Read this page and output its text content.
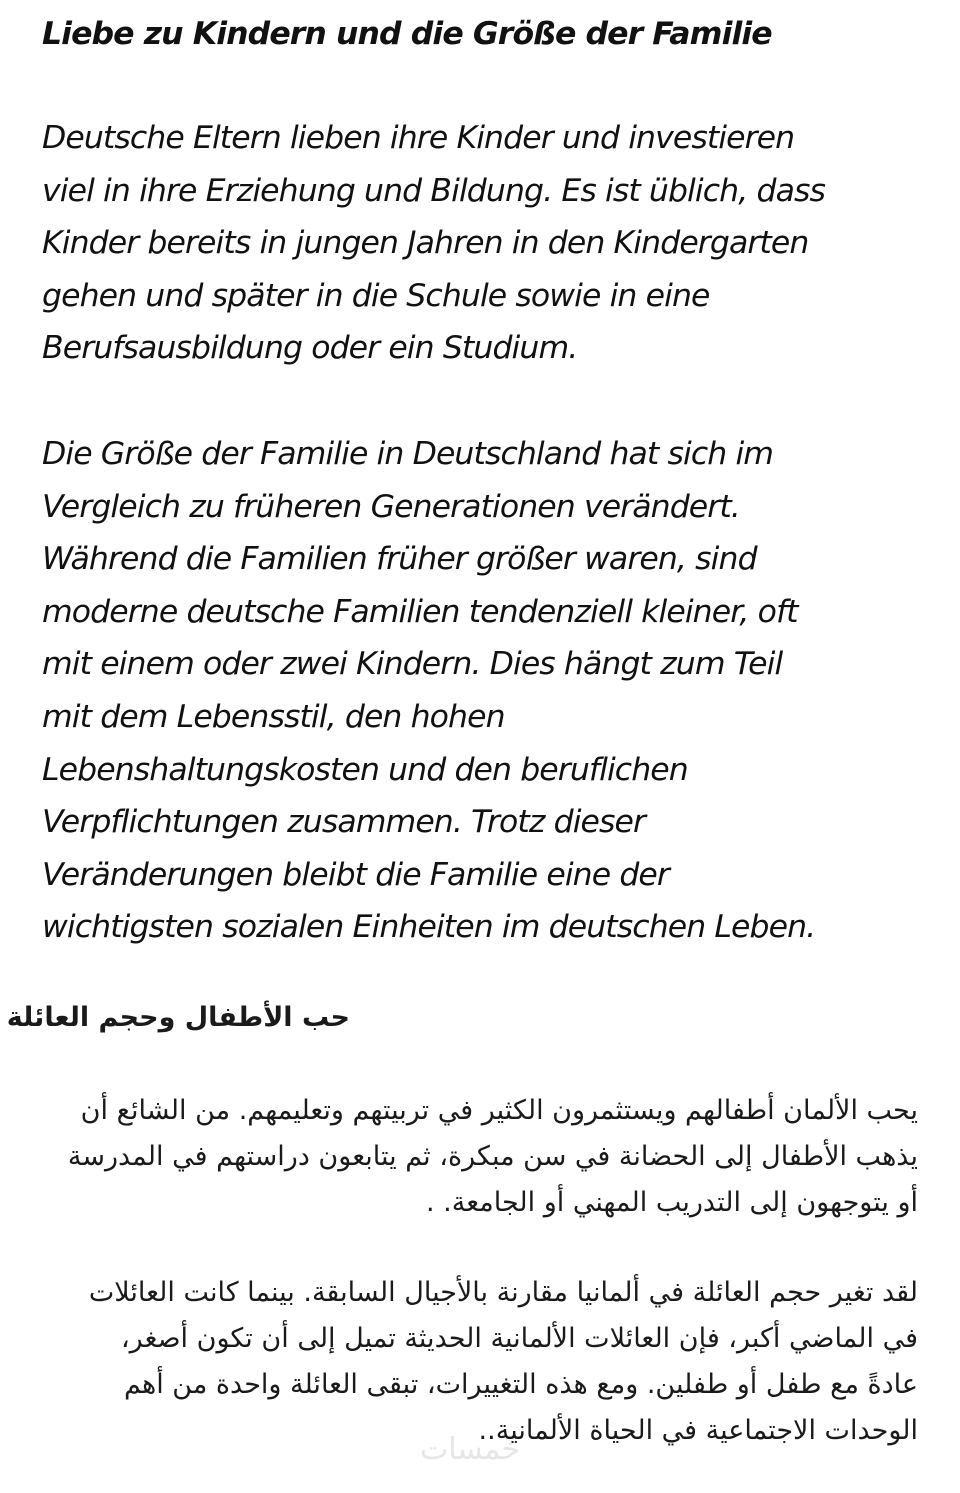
Liebe zu Kindern und die Größe der Familie
Deutsche Eltern lieben ihre Kinder und investieren
viel in ihre Erziehung und Bildung. Es ist üblich, dass
Kinder bereits in jungen Jahren in den Kindergarten
gehen und später in die Schule sowie in eine
Berufsausbildung oder ein Studium.
Die Größe der Familie in Deutschland hat sich im
Vergleich zu früheren Generationen verändert.
Während die Familien früher größer waren, sind
moderne deutsche Familien tendenziell kleiner, oft
mit einem oder zwei Kindern. Dies hängt zum Teil
mit dem Lebensstil, den hohen
Lebenshaltungskosten und den beruflichen
Verpflichtungen zusammen. Trotz dieser
Veränderungen bleibt die Familie eine der
wichtigsten sozialen Einheiten im deutschen Leben.
حب الأطفال وحجم العائلة
يحب الألمان أطفالهم ويستثمرون الكثير في تربيتهم وتعليمهم. من الشائع أن
يذهب الأطفال إلى الحضانة في سن مبكرة، ثم يتابعون دراستهم في المدرسة
أو يتوجهون إلى التدريب المهني أو الجامعة. .
لقد تغير حجم العائلة في ألمانيا مقارنة بالأجيال السابقة. بينما كانت العائلات
في الماضي أكبر، فإن العائلات الألمانية الحديثة تميل إلى أن تكون أصغر،
عادةً مع طفل أو طفلين. ومع هذه التغييرات، تبقى العائلة واحدة من أهم
الوحدات الاجتماعية في الحياة الألمانية..
خمسات
